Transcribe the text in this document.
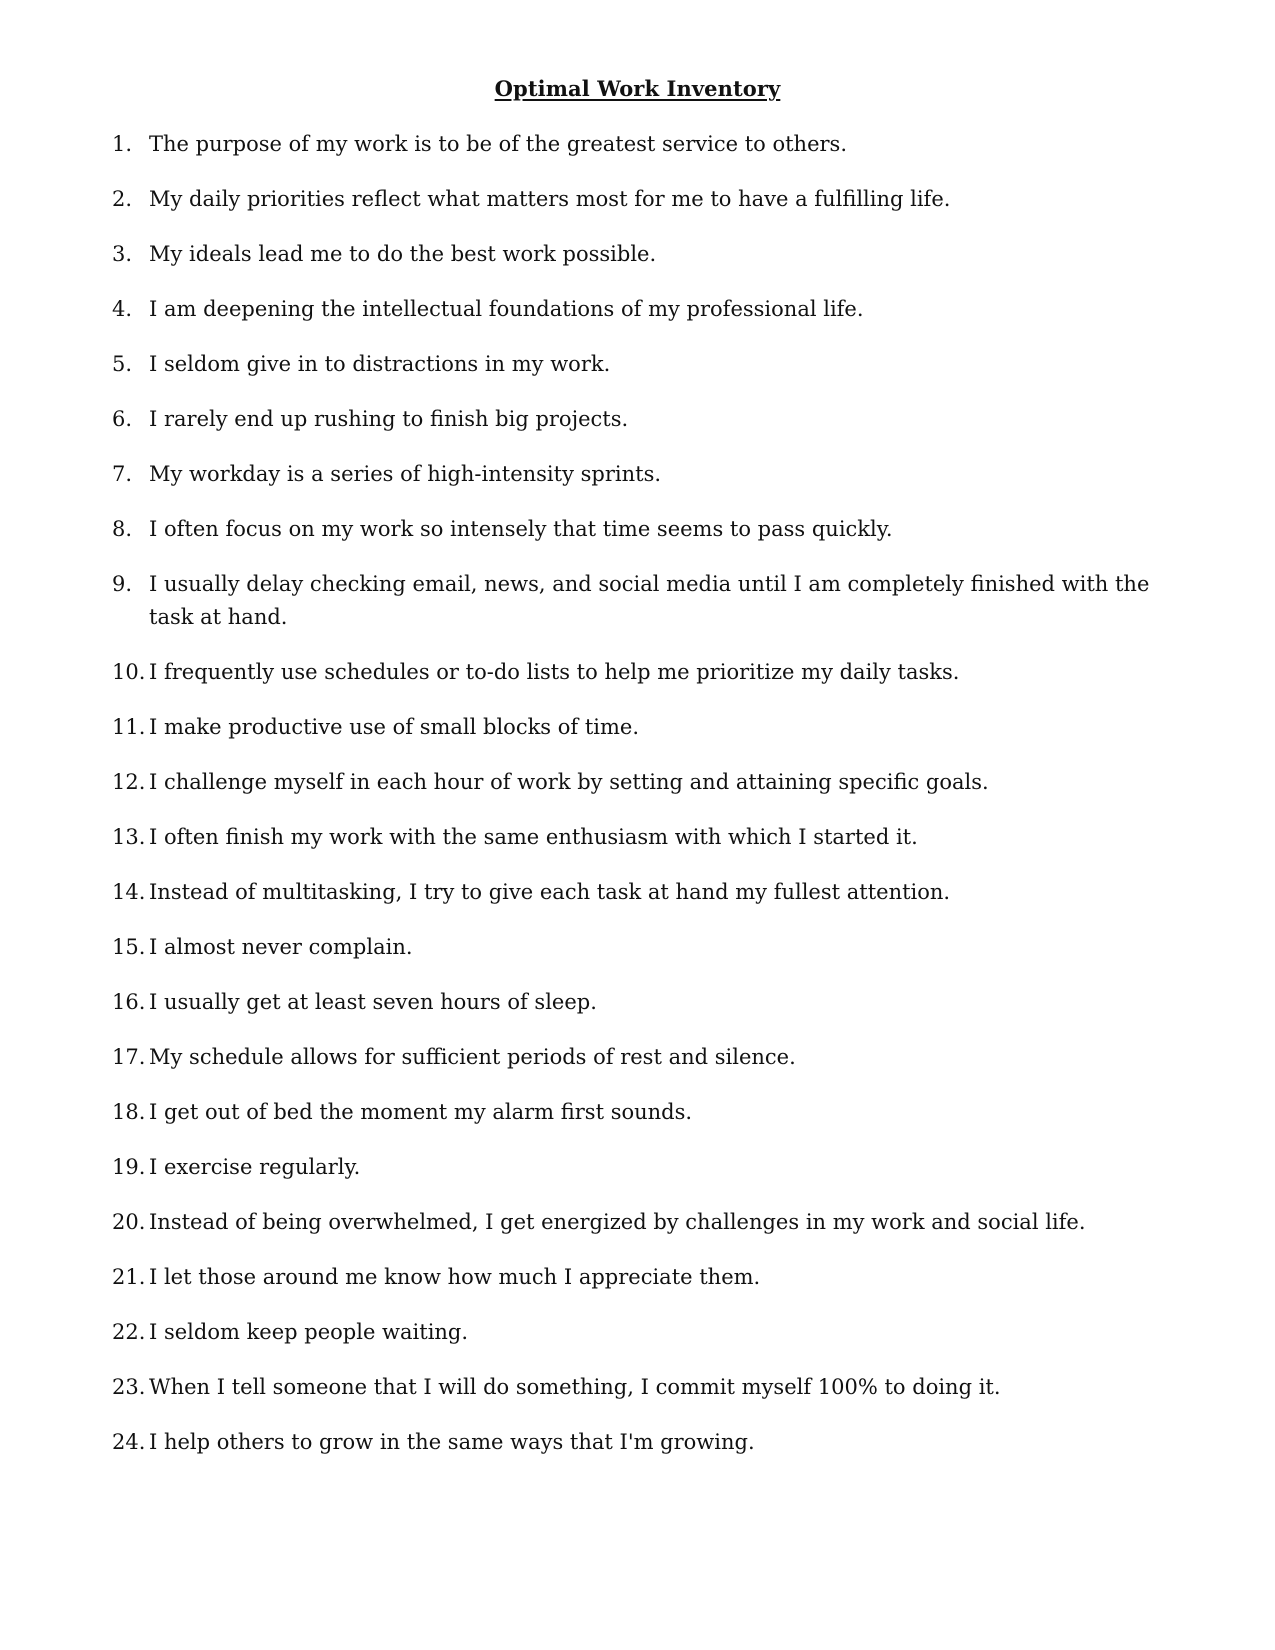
Optimal Work Inventory
1. The purpose of my work is to be of the greatest service to others.
2. My daily priorities reflect what matters most for me to have a fulfilling life.
3. My ideals lead me to do the best work possible.
4. I am deepening the intellectual foundations of my professional life.
5. I seldom give in to distractions in my work.
6. I rarely end up rushing to finish big projects.
7. My workday is a series of high-intensity sprints.
8. I often focus on my work so intensely that time seems to pass quickly.
9. I usually delay checking email, news, and social media until I am completely finished with the task at hand.
10. I frequently use schedules or to-do lists to help me prioritize my daily tasks.
11. I make productive use of small blocks of time.
12. I challenge myself in each hour of work by setting and attaining specific goals.
13. I often finish my work with the same enthusiasm with which I started it.
14. Instead of multitasking, I try to give each task at hand my fullest attention.
15. I almost never complain.
16. I usually get at least seven hours of sleep.
17. My schedule allows for sufficient periods of rest and silence.
18. I get out of bed the moment my alarm first sounds.
19. I exercise regularly.
20. Instead of being overwhelmed, I get energized by challenges in my work and social life.
21. I let those around me know how much I appreciate them.
22. I seldom keep people waiting.
23. When I tell someone that I will do something, I commit myself 100% to doing it.
24. I help others to grow in the same ways that I'm growing.
